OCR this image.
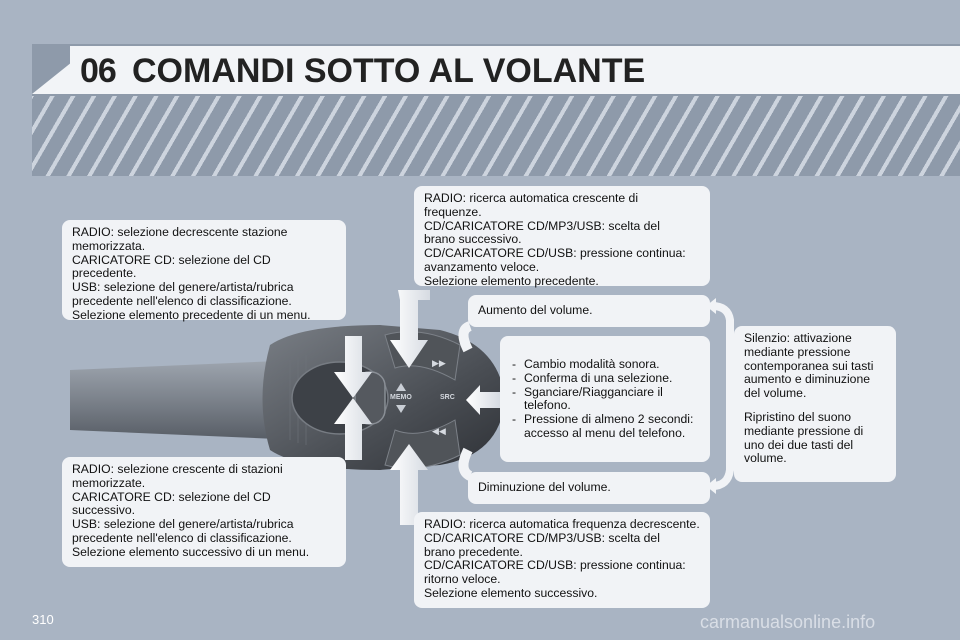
06 COMANDI SOTTO AL VOLANTE
MEMO	SRC
▶▶
◀◀
RADIO: selezione decrescente stazione
memorizzata.
CARICATORE CD: selezione del CD
precedente.
USB: selezione del genere/artista/rubrica
precedente nell'elenco di classificazione.
Selezione elemento precedente di un menu.
RADIO: selezione crescente di stazioni
memorizzate.
CARICATORE CD: selezione del CD
successivo.
USB: selezione del genere/artista/rubrica
precedente nell'elenco di classificazione.
Selezione elemento successivo di un menu.
RADIO: ricerca automatica crescente di
frequenze.
CD/CARICATORE CD/MP3/USB: scelta del
brano successivo.
CD/CARICATORE CD/USB: pressione continua:
avanzamento veloce.
Selezione elemento precedente.
Aumento del volume.
- Cambio modalità sonora.
- Conferma di una selezione.
- Sganciare/Riagganciare il
telefono.
- Pressione di almeno 2 secondi:
accesso al menu del telefono.
Diminuzione del volume.
RADIO: ricerca automatica frequenza decrescente.
CD/CARICATORE CD/MP3/USB: scelta del
brano precedente.
CD/CARICATORE CD/USB: pressione continua:
ritorno veloce.
Selezione elemento successivo.
Silenzio: attivazione
mediante pressione
contemporanea sui tasti
aumento e diminuzione
del volume.
Ripristino del suono
mediante pressione di
uno dei due tasti del
volume.
310	carmanualsonline.info
